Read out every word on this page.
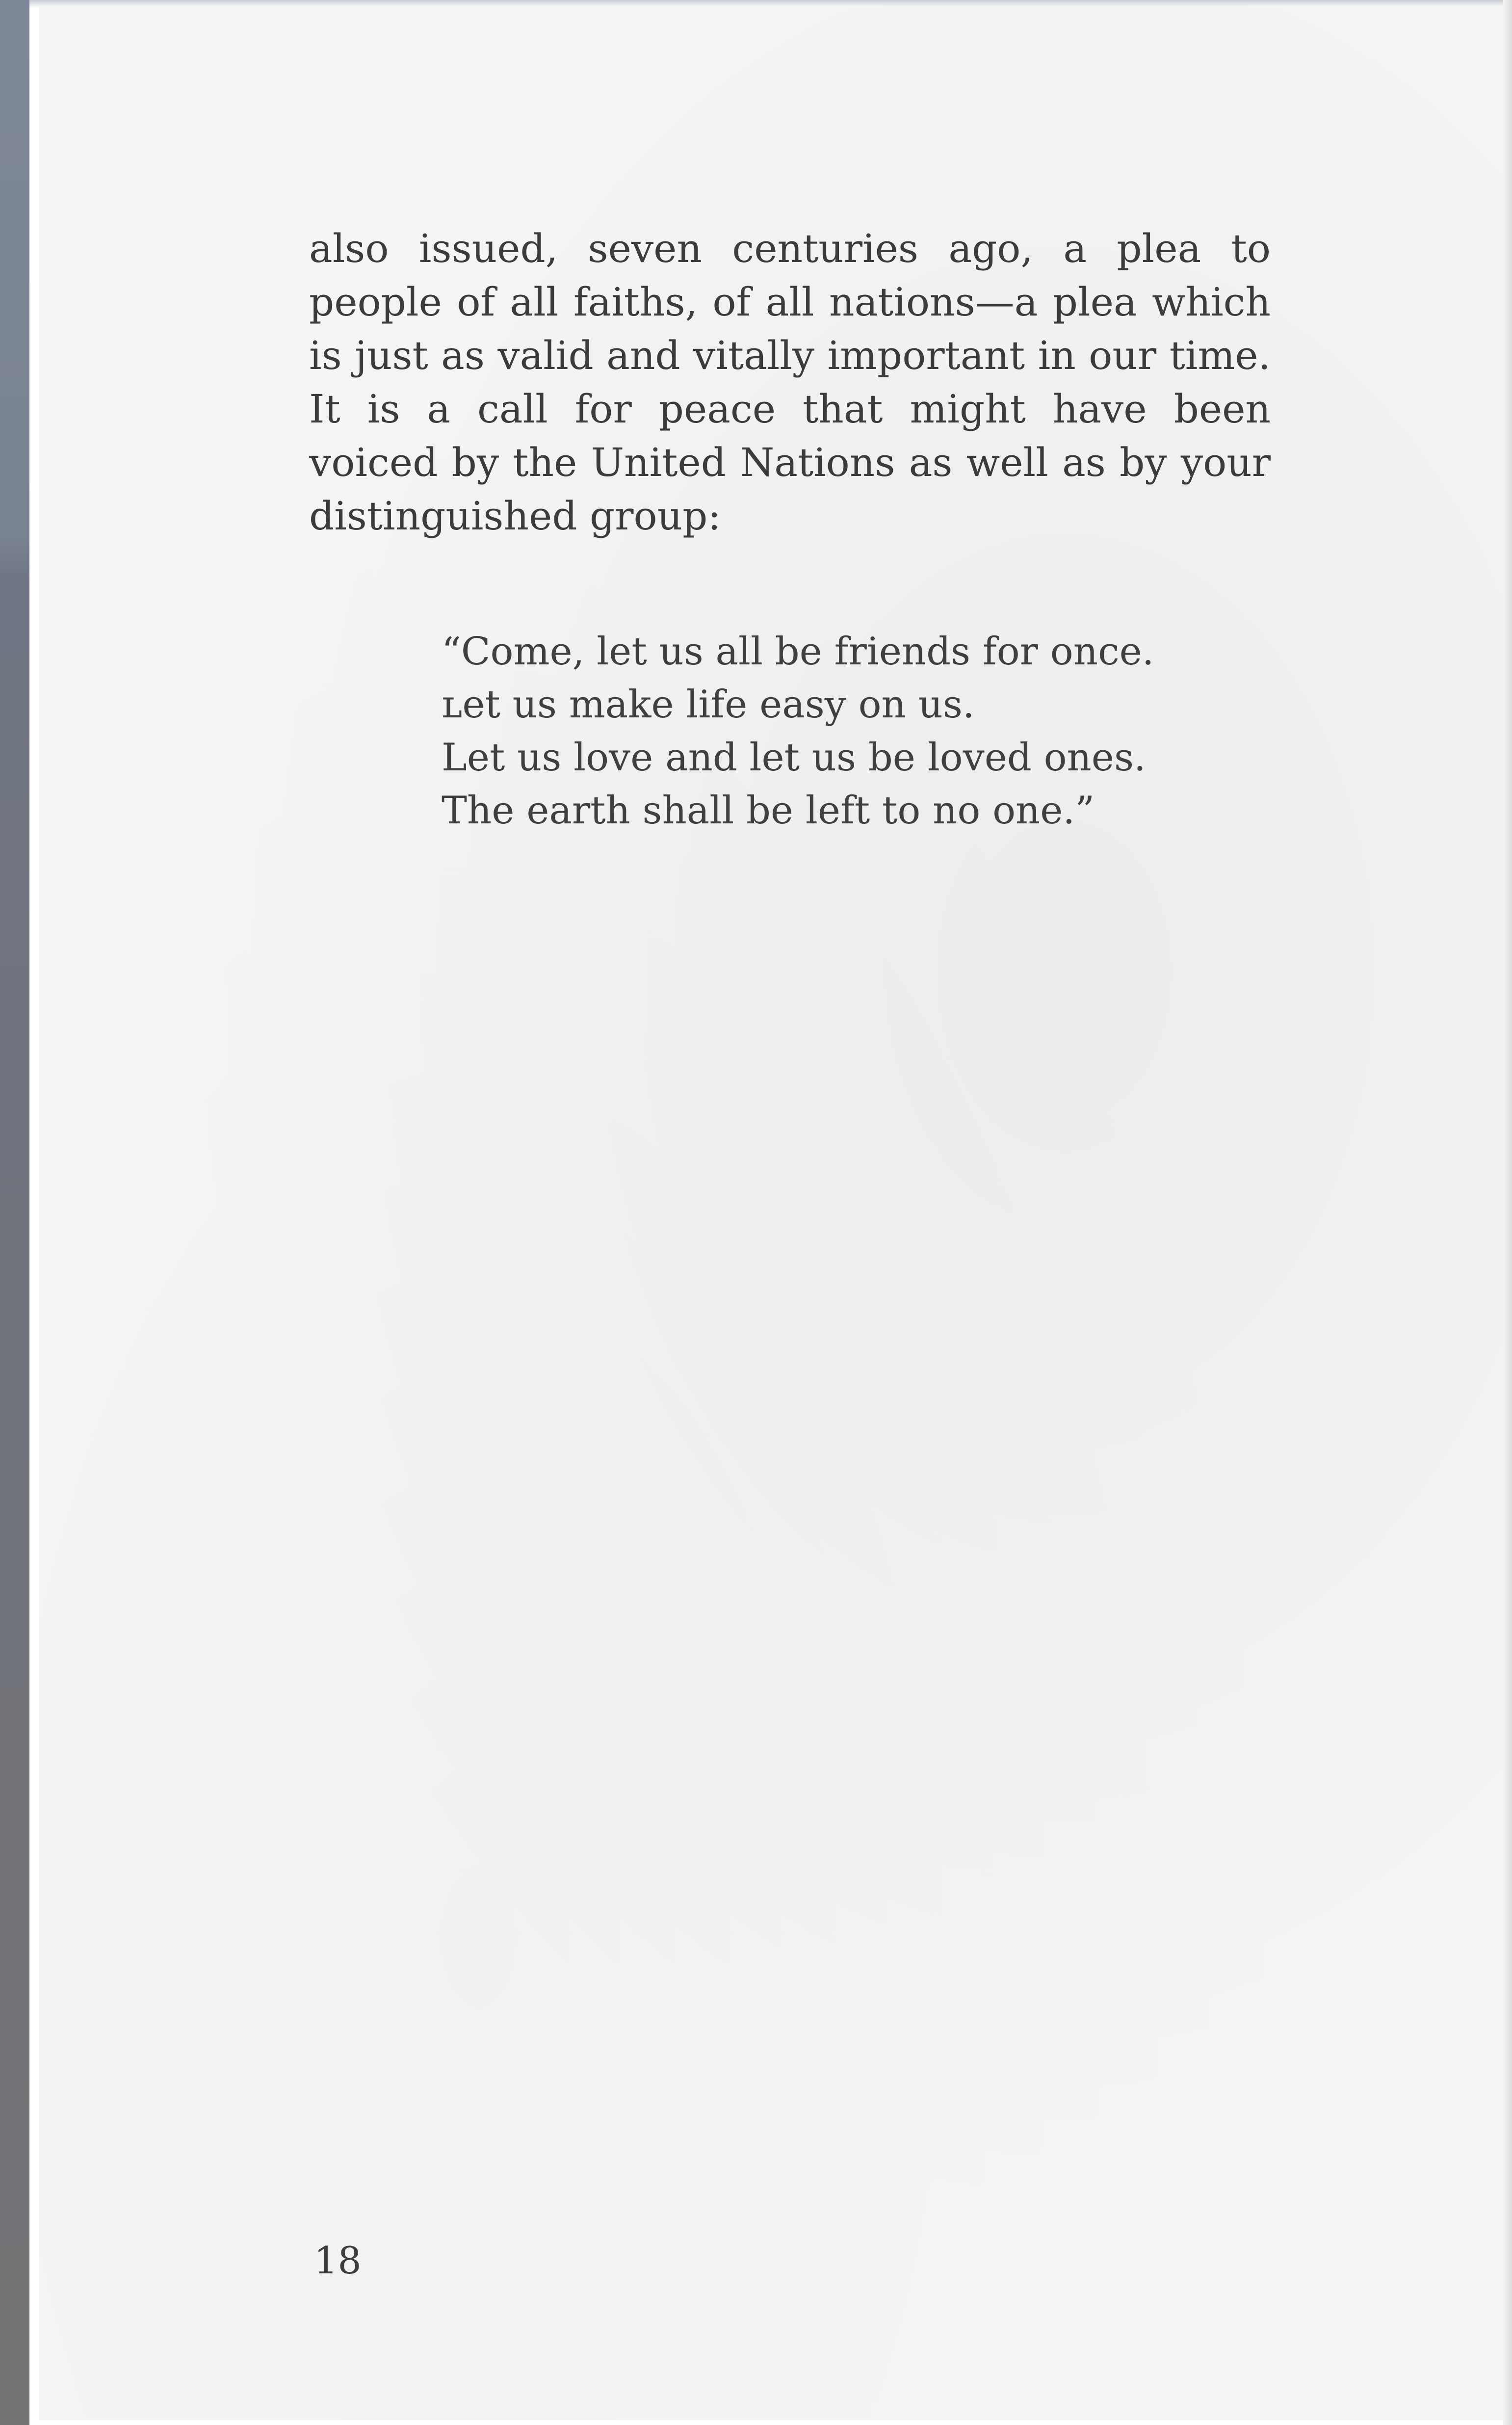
also issued, seven centuries ago, a plea to people of all faiths, of all nations—a plea which is just as valid and vitally important in our time. It is a call for peace that might have been voiced by the United Nations as well as by your distinguished group:

“Come, let us all be friends for once.
ʟet us make life easy on us.
Let us love and let us be loved ones.
The earth shall be left to no one.”
18
